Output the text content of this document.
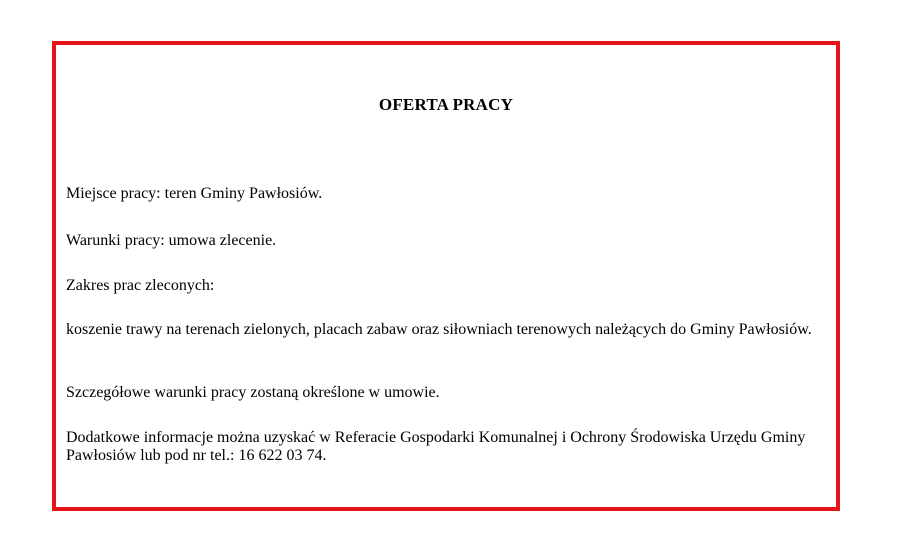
OFERTA PRACY

Miejsce pracy: teren Gminy Pawłosiów.

Warunki pracy: umowa zlecenie.

Zakres prac zleconych:

koszenie trawy na terenach zielonych, placach zabaw oraz siłowniach terenowych należących do Gminy Pawłosiów.

Szczegółowe warunki pracy zostaną określone w umowie.

Dodatkowe informacje można uzyskać w Referacie Gospodarki Komunalnej i Ochrony Środowiska Urzędu Gminy Pawłosiów lub pod nr tel.: 16 622 03 74.
